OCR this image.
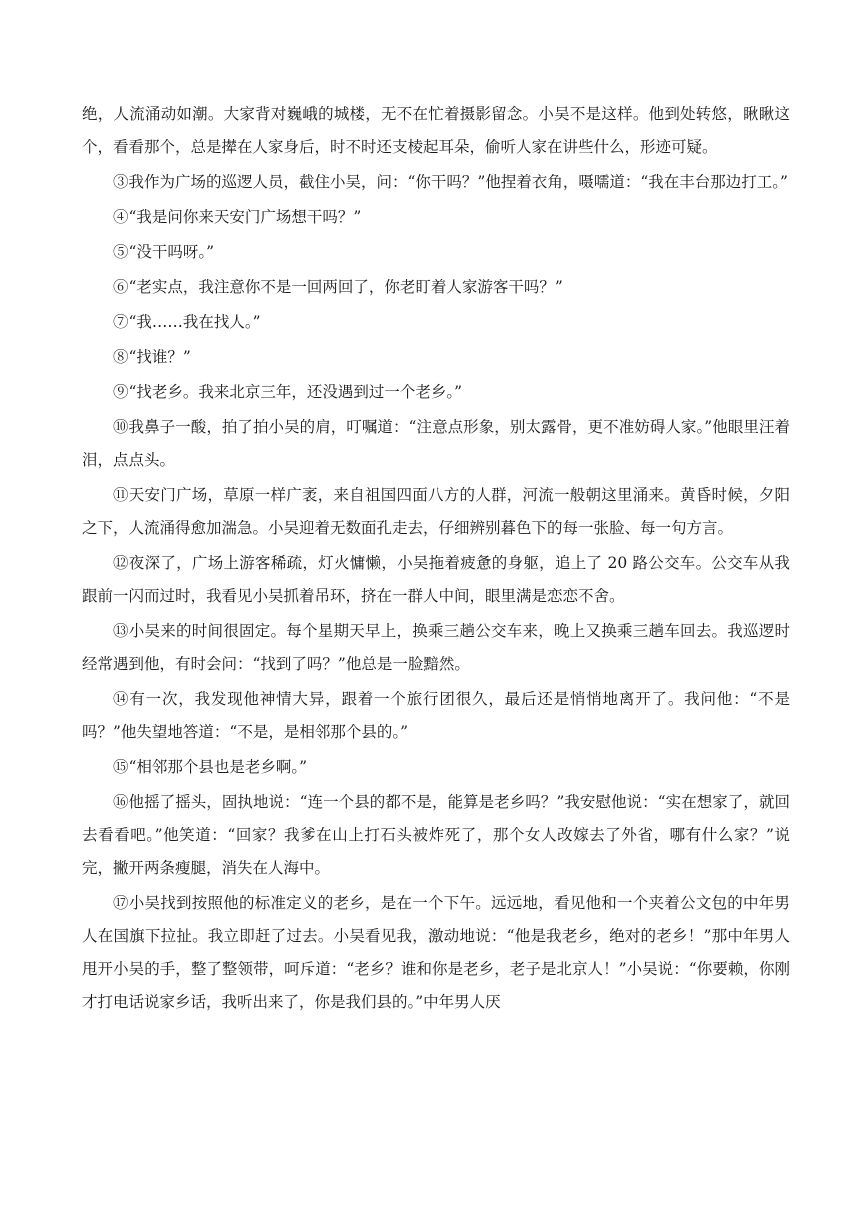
绝，人流涌动如潮。大家背对巍峨的城楼，无不在忙着摄影留念。小吴不是这样。他到处转悠，瞅瞅这个，看看那个，总是撵在人家身后，时不时还支棱起耳朵，偷听人家在讲些什么，形迹可疑。

③我作为广场的巡逻人员，截住小吴，问：“你干吗？”他捏着衣角，嗫嚅道：“我在丰台那边打工。”

④“我是问你来天安门广场想干吗？”

⑤“没干吗呀。”

⑥“老实点，我注意你不是一回两回了，你老盯着人家游客干吗？”

⑦“我……我在找人。”

⑧“找谁？”

⑨“找老乡。我来北京三年，还没遇到过一个老乡。”

⑩我鼻子一酸，拍了拍小吴的肩，叮嘱道：“注意点形象，别太露骨，更不准妨碍人家。”他眼里汪着泪，点点头。

⑪天安门广场，草原一样广袤，来自祖国四面八方的人群，河流一般朝这里涌来。黄昏时候，夕阳之下，人流涌得愈加湍急。小吴迎着无数面孔走去，仔细辨别暮色下的每一张脸、每一句方言。

⑫夜深了，广场上游客稀疏，灯火慵懒，小吴拖着疲惫的身躯，追上了 20 路公交车。公交车从我跟前一闪而过时，我看见小吴抓着吊环，挤在一群人中间，眼里满是恋恋不舍。

⑬小吴来的时间很固定。每个星期天早上，换乘三趟公交车来，晚上又换乘三趟车回去。我巡逻时经常遇到他，有时会问：“找到了吗？”他总是一脸黯然。

⑭有一次，我发现他神情大异，跟着一个旅行团很久，最后还是悄悄地离开了。我问他：“不是吗？”他失望地答道：“不是，是相邻那个县的。”

⑮“相邻那个县也是老乡啊。”

⑯他摇了摇头，固执地说：“连一个县的都不是，能算是老乡吗？”我安慰他说：“实在想家了，就回去看看吧。”他笑道：“回家？我爹在山上打石头被炸死了，那个女人改嫁去了外省，哪有什么家？”说完，撇开两条瘦腿，消失在人海中。

⑰小吴找到按照他的标准定义的老乡，是在一个下午。远远地，看见他和一个夹着公文包的中年男人在国旗下拉扯。我立即赶了过去。小吴看见我，激动地说：“他是我老乡，绝对的老乡！”那中年男人甩开小吴的手，整了整领带，呵斥道：“老乡？谁和你是老乡，老子是北京人！”小吴说：“你要赖，你刚才打电话说家乡话，我听出来了，你是我们县的。”中年男人厌
